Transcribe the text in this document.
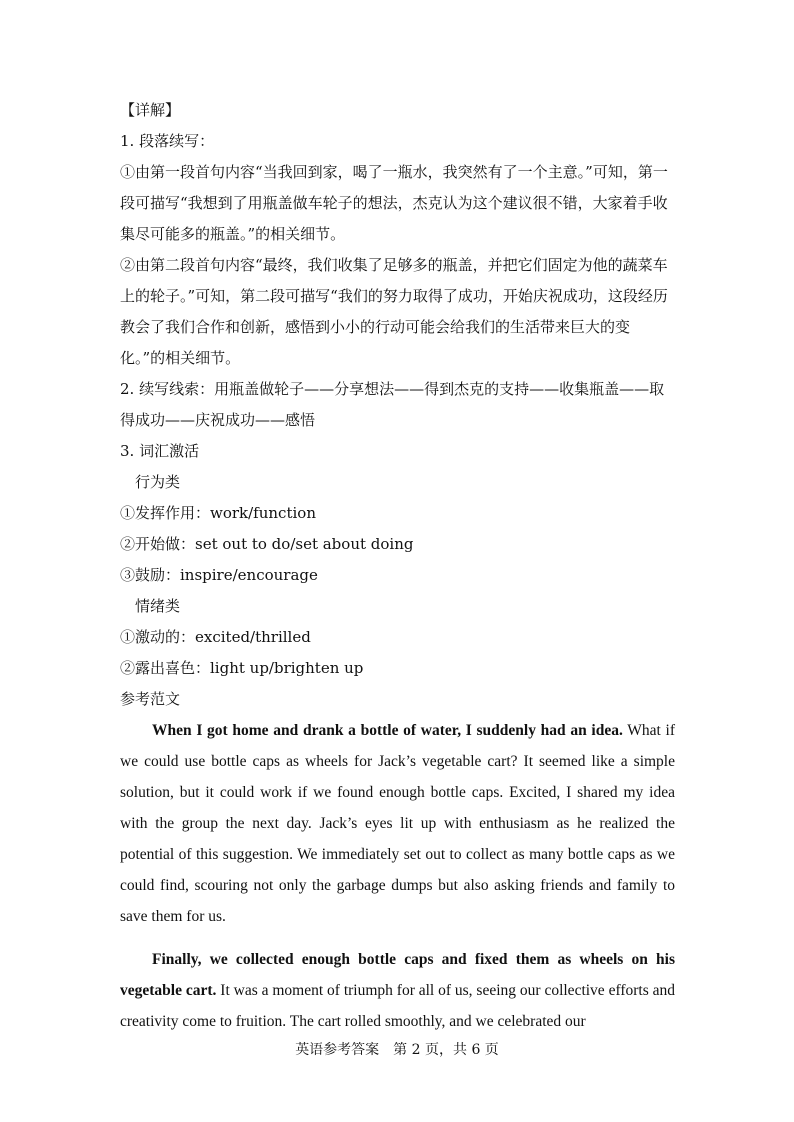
【详解】
1. 段落续写：
①由第一段首句内容“当我回到家，喝了一瓶水，我突然有了一个主意。”可知，第一段可描写“我想到了用瓶盖做车轮子的想法，杰克认为这个建议很不错，大家着手收集尽可能多的瓶盖。”的相关细节。
②由第二段首句内容“最终，我们收集了足够多的瓶盖，并把它们固定为他的蔬菜车上的轮子。”可知，第二段可描写“我们的努力取得了成功，开始庆祝成功，这段经历教会了我们合作和创新，感悟到小小的行动可能会给我们的生活带来巨大的变化。”的相关细节。
2. 续写线索：用瓶盖做轮子——分享想法——得到杰克的支持——收集瓶盖——取得成功——庆祝成功——感悟
3. 词汇激活
行为类
①发挥作用：work/function
②开始做：set out to do/set about doing
③鼓励：inspire/encourage
情绪类
①激动的：excited/thrilled
②露出喜色：light up/brighten up
参考范文

When I got home and drank a bottle of water, I suddenly had an idea. What if we could use bottle caps as wheels for Jack’s vegetable cart? It seemed like a simple solution, but it could work if we found enough bottle caps. Excited, I shared my idea with the group the next day. Jack’s eyes lit up with enthusiasm as he realized the potential of this suggestion. We immediately set out to collect as many bottle caps as we could find, scouring not only the garbage dumps but also asking friends and family to save them for us.

Finally, we collected enough bottle caps and fixed them as wheels on his vegetable cart. It was a moment of triumph for all of us, seeing our collective efforts and creativity come to fruition. The cart rolled smoothly, and we celebrated our

英语参考答案　第 2 页，共 6 页
